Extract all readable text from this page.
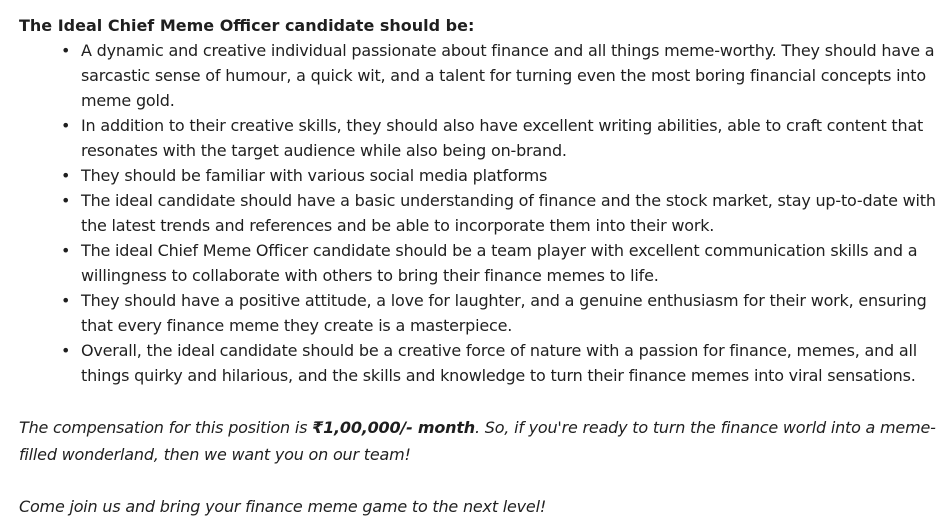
The Ideal Chief Meme Officer candidate should be:

• A dynamic and creative individual passionate about finance and all things meme-worthy. They should have a sarcastic sense of humour, a quick wit, and a talent for turning even the most boring financial concepts into meme gold.
• In addition to their creative skills, they should also have excellent writing abilities, able to craft content that resonates with the target audience while also being on-brand.
• They should be familiar with various social media platforms
• The ideal candidate should have a basic understanding of finance and the stock market, stay up-to-date with the latest trends and references and be able to incorporate them into their work.
• The ideal Chief Meme Officer candidate should be a team player with excellent communication skills and a willingness to collaborate with others to bring their finance memes to life.
• They should have a positive attitude, a love for laughter, and a genuine enthusiasm for their work, ensuring that every finance meme they create is a masterpiece.
• Overall, the ideal candidate should be a creative force of nature with a passion for finance, memes, and all things quirky and hilarious, and the skills and knowledge to turn their finance memes into viral sensations.

The compensation for this position is ₹1,00,000/- month. So, if you're ready to turn the finance world into a meme-filled wonderland, then we want you on our team!

Come join us and bring your finance meme game to the next level!
